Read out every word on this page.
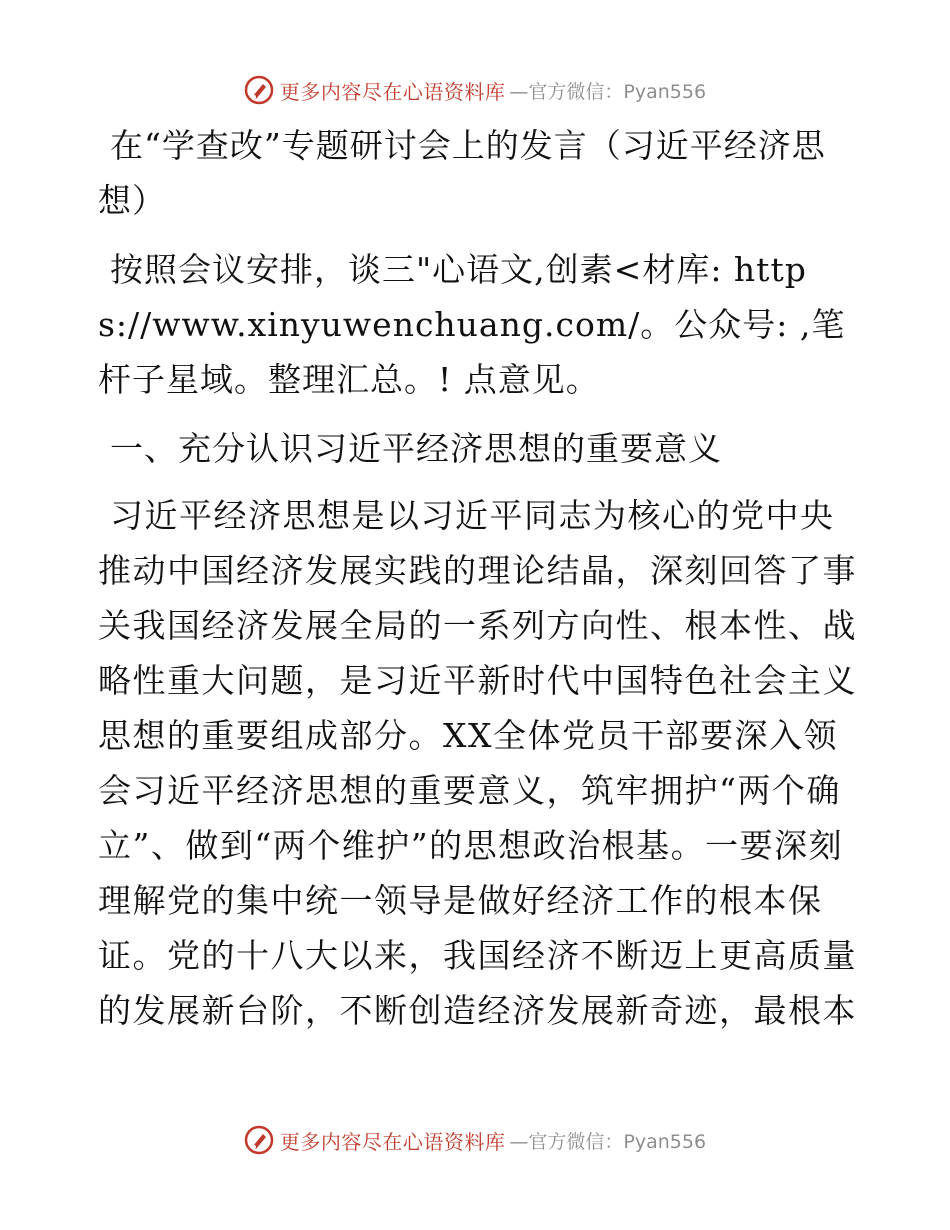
更多内容尽在心语资料库 —官方微信：Pyan556

在“学查改”专题研讨会上的发言（习近平经济思想）

按照会议安排，谈三"心语文,创素<材库: https://www.xinyuwenchuang.com/。公众号: ,笔杆子星域。整理汇总。! 点意见。

一、充分认识习近平经济思想的重要意义

习近平经济思想是以习近平同志为核心的党中央推动中国经济发展实践的理论结晶，深刻回答了事关我国经济发展全局的一系列方向性、根本性、战略性重大问题，是习近平新时代中国特色社会主义思想的重要组成部分。XX全体党员干部要深入领会习近平经济思想的重要意义，筑牢拥护“两个确立”、做到“两个维护”的思想政治根基。一要深刻理解党的集中统一领导是做好经济工作的根本保证。党的十八大以来，我国经济不断迈上更高质量的发展新台阶，不断创造经济发展新奇迹，最根本

更多内容尽在心语资料库 —官方微信：Pyan556
